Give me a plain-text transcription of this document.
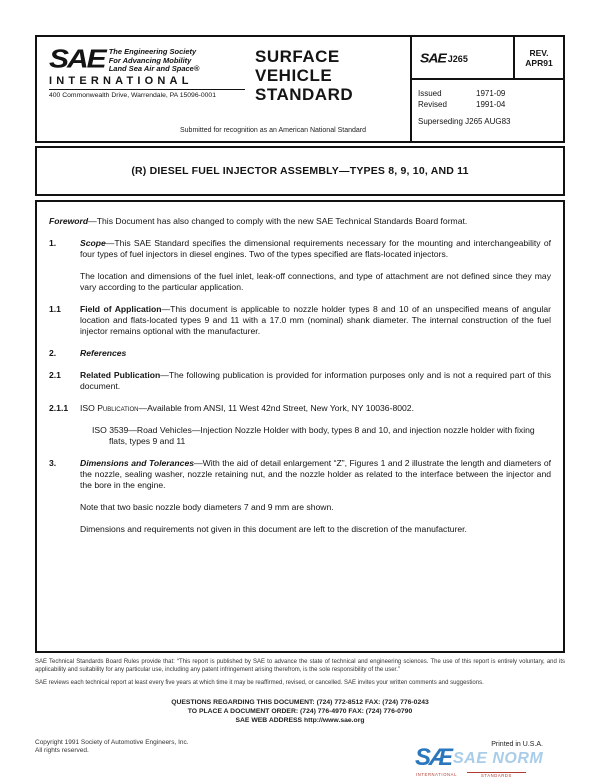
SAE The Engineering Society
For Advancing Mobility
Land Sea Air and Space®
INTERNATIONAL
400 Commonwealth Drive, Warrendale, PA 15096-0001
SURFACE
VEHICLE
STANDARD
Submitted for recognition as an American National Standard
SAE J265
REV.
APR91
Issued	1971-09
Revised	1991-04
Superseding J265 AUG83
(R) DIESEL FUEL INJECTOR ASSEMBLY—TYPES 8, 9, 10, AND 11
Foreword—This Document has also changed to comply with the new SAE Technical Standards Board format.
1.	Scope—This SAE Standard specifies the dimensional requirements necessary for the mounting and interchangeability of four types of fuel injectors in diesel engines. Two of the types specified are flats-located injectors.
The location and dimensions of the fuel inlet, leak-off connections, and type of attachment are not defined since they may vary according to the particular application.
1.1	Field of Application—This document is applicable to nozzle holder types 8 and 10 of an unspecified means of angular location and flats-located types 9 and 11 with a 17.0 mm (nominal) shank diameter. The internal construction of the fuel injector remains optional with the manufacturer.
2.	References
2.1	Related Publication—The following publication is provided for information purposes only and is not a required part of this document.
2.1.1	ISO Publication—Available from ANSI, 11 West 42nd Street, New York, NY 10036-8002.
ISO 3539—Road Vehicles—Injection Nozzle Holder with body, types 8 and 10, and injection nozzle holder with fixing flats, types 9 and 11
3.	Dimensions and Tolerances—With the aid of detail enlargement “Z”, Figures 1 and 2 illustrate the length and diameters of the nozzle, sealing washer, nozzle retaining nut, and the nozzle holder as related to the interface between the injector and the bore in the engine.
Note that two basic nozzle body diameters 7 and 9 mm are shown.
Dimensions and requirements not given in this document are left to the discretion of the manufacturer.

SAE Technical Standards Board Rules provide that: “This report is published by SAE to advance the state of technical and engineering sciences. The use of this report is entirely voluntary, and its applicability and suitability for any particular use, including any patent infringement arising therefrom, is the sole responsibility of the user.”

SAE reviews each technical report at least every five years at which time it may be reaffirmed, revised, or cancelled. SAE invites your written comments and suggestions.

QUESTIONS REGARDING THIS DOCUMENT: (724) 772-8512 FAX: (724) 776-0243
TO PLACE A DOCUMENT ORDER: (724) 776-4970 FAX: (724) 776-0790
SAE WEB ADDRESS http://www.sae.org
Copyright 1991 Society of Automotive Engineers, Inc.
All rights reserved.
Printed in U.S.A.
SÆ SAE NORM
INTERNATIONAL	STANDARDS
